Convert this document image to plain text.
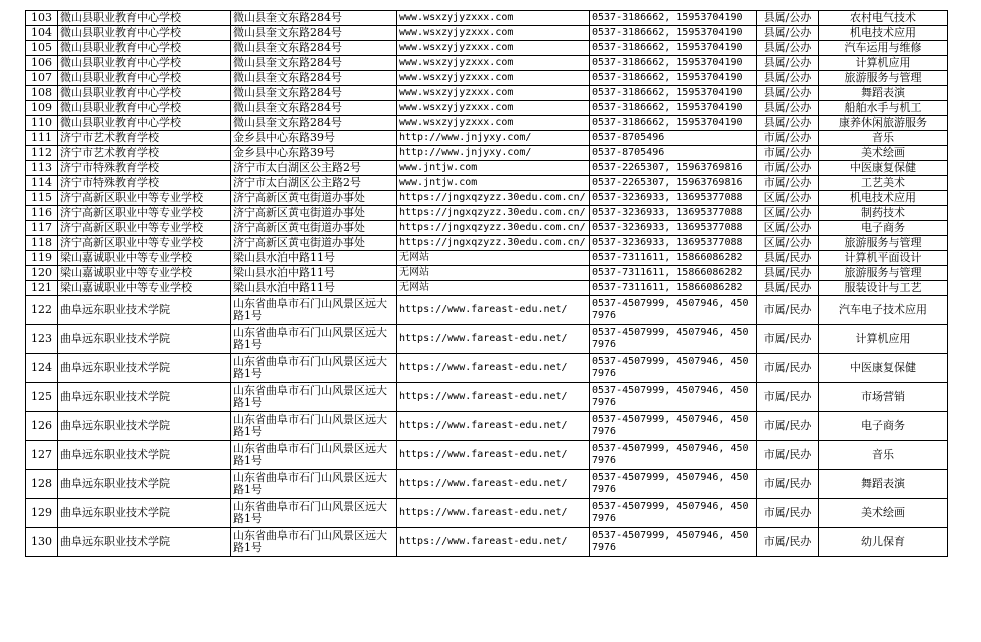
103	微山县职业教育中心学校	微山县奎文东路284号	www.wsxzyjyzxxx.com	0537-3186662, 15953704190	县属/公办	农村电气技术
104	微山县职业教育中心学校	微山县奎文东路284号	www.wsxzyjyzxxx.com	0537-3186662, 15953704190	县属/公办	机电技术应用
105	微山县职业教育中心学校	微山县奎文东路284号	www.wsxzyjyzxxx.com	0537-3186662, 15953704190	县属/公办	汽车运用与维修
106	微山县职业教育中心学校	微山县奎文东路284号	www.wsxzyjyzxxx.com	0537-3186662, 15953704190	县属/公办	计算机应用
107	微山县职业教育中心学校	微山县奎文东路284号	www.wsxzyjyzxxx.com	0537-3186662, 15953704190	县属/公办	旅游服务与管理
108	微山县职业教育中心学校	微山县奎文东路284号	www.wsxzyjyzxxx.com	0537-3186662, 15953704190	县属/公办	舞蹈表演
109	微山县职业教育中心学校	微山县奎文东路284号	www.wsxzyjyzxxx.com	0537-3186662, 15953704190	县属/公办	船舶水手与机工
110	微山县职业教育中心学校	微山县奎文东路284号	www.wsxzyjyzxxx.com	0537-3186662, 15953704190	县属/公办	康养休闲旅游服务
111	济宁市艺术教育学校	金乡县中心东路39号	http://www.jnjyxy.com/	0537-8705496	市属/公办	音乐
112	济宁市艺术教育学校	金乡县中心东路39号	http://www.jnjyxy.com/	0537-8705496	市属/公办	美术绘画
113	济宁市特殊教育学校	济宁市太白湖区公主路2号	www.jntjw.com	0537-2265307, 15963769816	市属/公办	中医康复保健
114	济宁市特殊教育学校	济宁市太白湖区公主路2号	www.jntjw.com	0537-2265307, 15963769816	市属/公办	工艺美术
115	济宁高新区职业中等专业学校	济宁高新区黄屯街道办事处	https://jngxqzyzz.30edu.com.cn/	0537-3236933, 13695377088	区属/公办	机电技术应用
116	济宁高新区职业中等专业学校	济宁高新区黄屯街道办事处	https://jngxqzyzz.30edu.com.cn/	0537-3236933, 13695377088	区属/公办	制药技术
117	济宁高新区职业中等专业学校	济宁高新区黄屯街道办事处	https://jngxqzyzz.30edu.com.cn/	0537-3236933, 13695377088	区属/公办	电子商务
118	济宁高新区职业中等专业学校	济宁高新区黄屯街道办事处	https://jngxqzyzz.30edu.com.cn/	0537-3236933, 13695377088	区属/公办	旅游服务与管理
119	梁山嘉诚职业中等专业学校	梁山县水泊中路11号	无网站	0537-7311611, 15866086282	县属/民办	计算机平面设计
120	梁山嘉诚职业中等专业学校	梁山县水泊中路11号	无网站	0537-7311611, 15866086282	县属/民办	旅游服务与管理
121	梁山嘉诚职业中等专业学校	梁山县水泊中路11号	无网站	0537-7311611, 15866086282	县属/民办	服装设计与工艺
122	曲阜远东职业技术学院	山东省曲阜市石门山风景区远大路1号	https://www.fareast-edu.net/	0537-4507999, 4507946, 4507976	市属/民办	汽车电子技术应用
123	曲阜远东职业技术学院	山东省曲阜市石门山风景区远大路1号	https://www.fareast-edu.net/	0537-4507999, 4507946, 4507976	市属/民办	计算机应用
124	曲阜远东职业技术学院	山东省曲阜市石门山风景区远大路1号	https://www.fareast-edu.net/	0537-4507999, 4507946, 4507976	市属/民办	中医康复保健
125	曲阜远东职业技术学院	山东省曲阜市石门山风景区远大路1号	https://www.fareast-edu.net/	0537-4507999, 4507946, 4507976	市属/民办	市场营销
126	曲阜远东职业技术学院	山东省曲阜市石门山风景区远大路1号	https://www.fareast-edu.net/	0537-4507999, 4507946, 4507976	市属/民办	电子商务
127	曲阜远东职业技术学院	山东省曲阜市石门山风景区远大路1号	https://www.fareast-edu.net/	0537-4507999, 4507946, 4507976	市属/民办	音乐
128	曲阜远东职业技术学院	山东省曲阜市石门山风景区远大路1号	https://www.fareast-edu.net/	0537-4507999, 4507946, 4507976	市属/民办	舞蹈表演
129	曲阜远东职业技术学院	山东省曲阜市石门山风景区远大路1号	https://www.fareast-edu.net/	0537-4507999, 4507946, 4507976	市属/民办	美术绘画
130	曲阜远东职业技术学院	山东省曲阜市石门山风景区远大路1号	https://www.fareast-edu.net/	0537-4507999, 4507946, 4507976	市属/民办	幼儿保育
